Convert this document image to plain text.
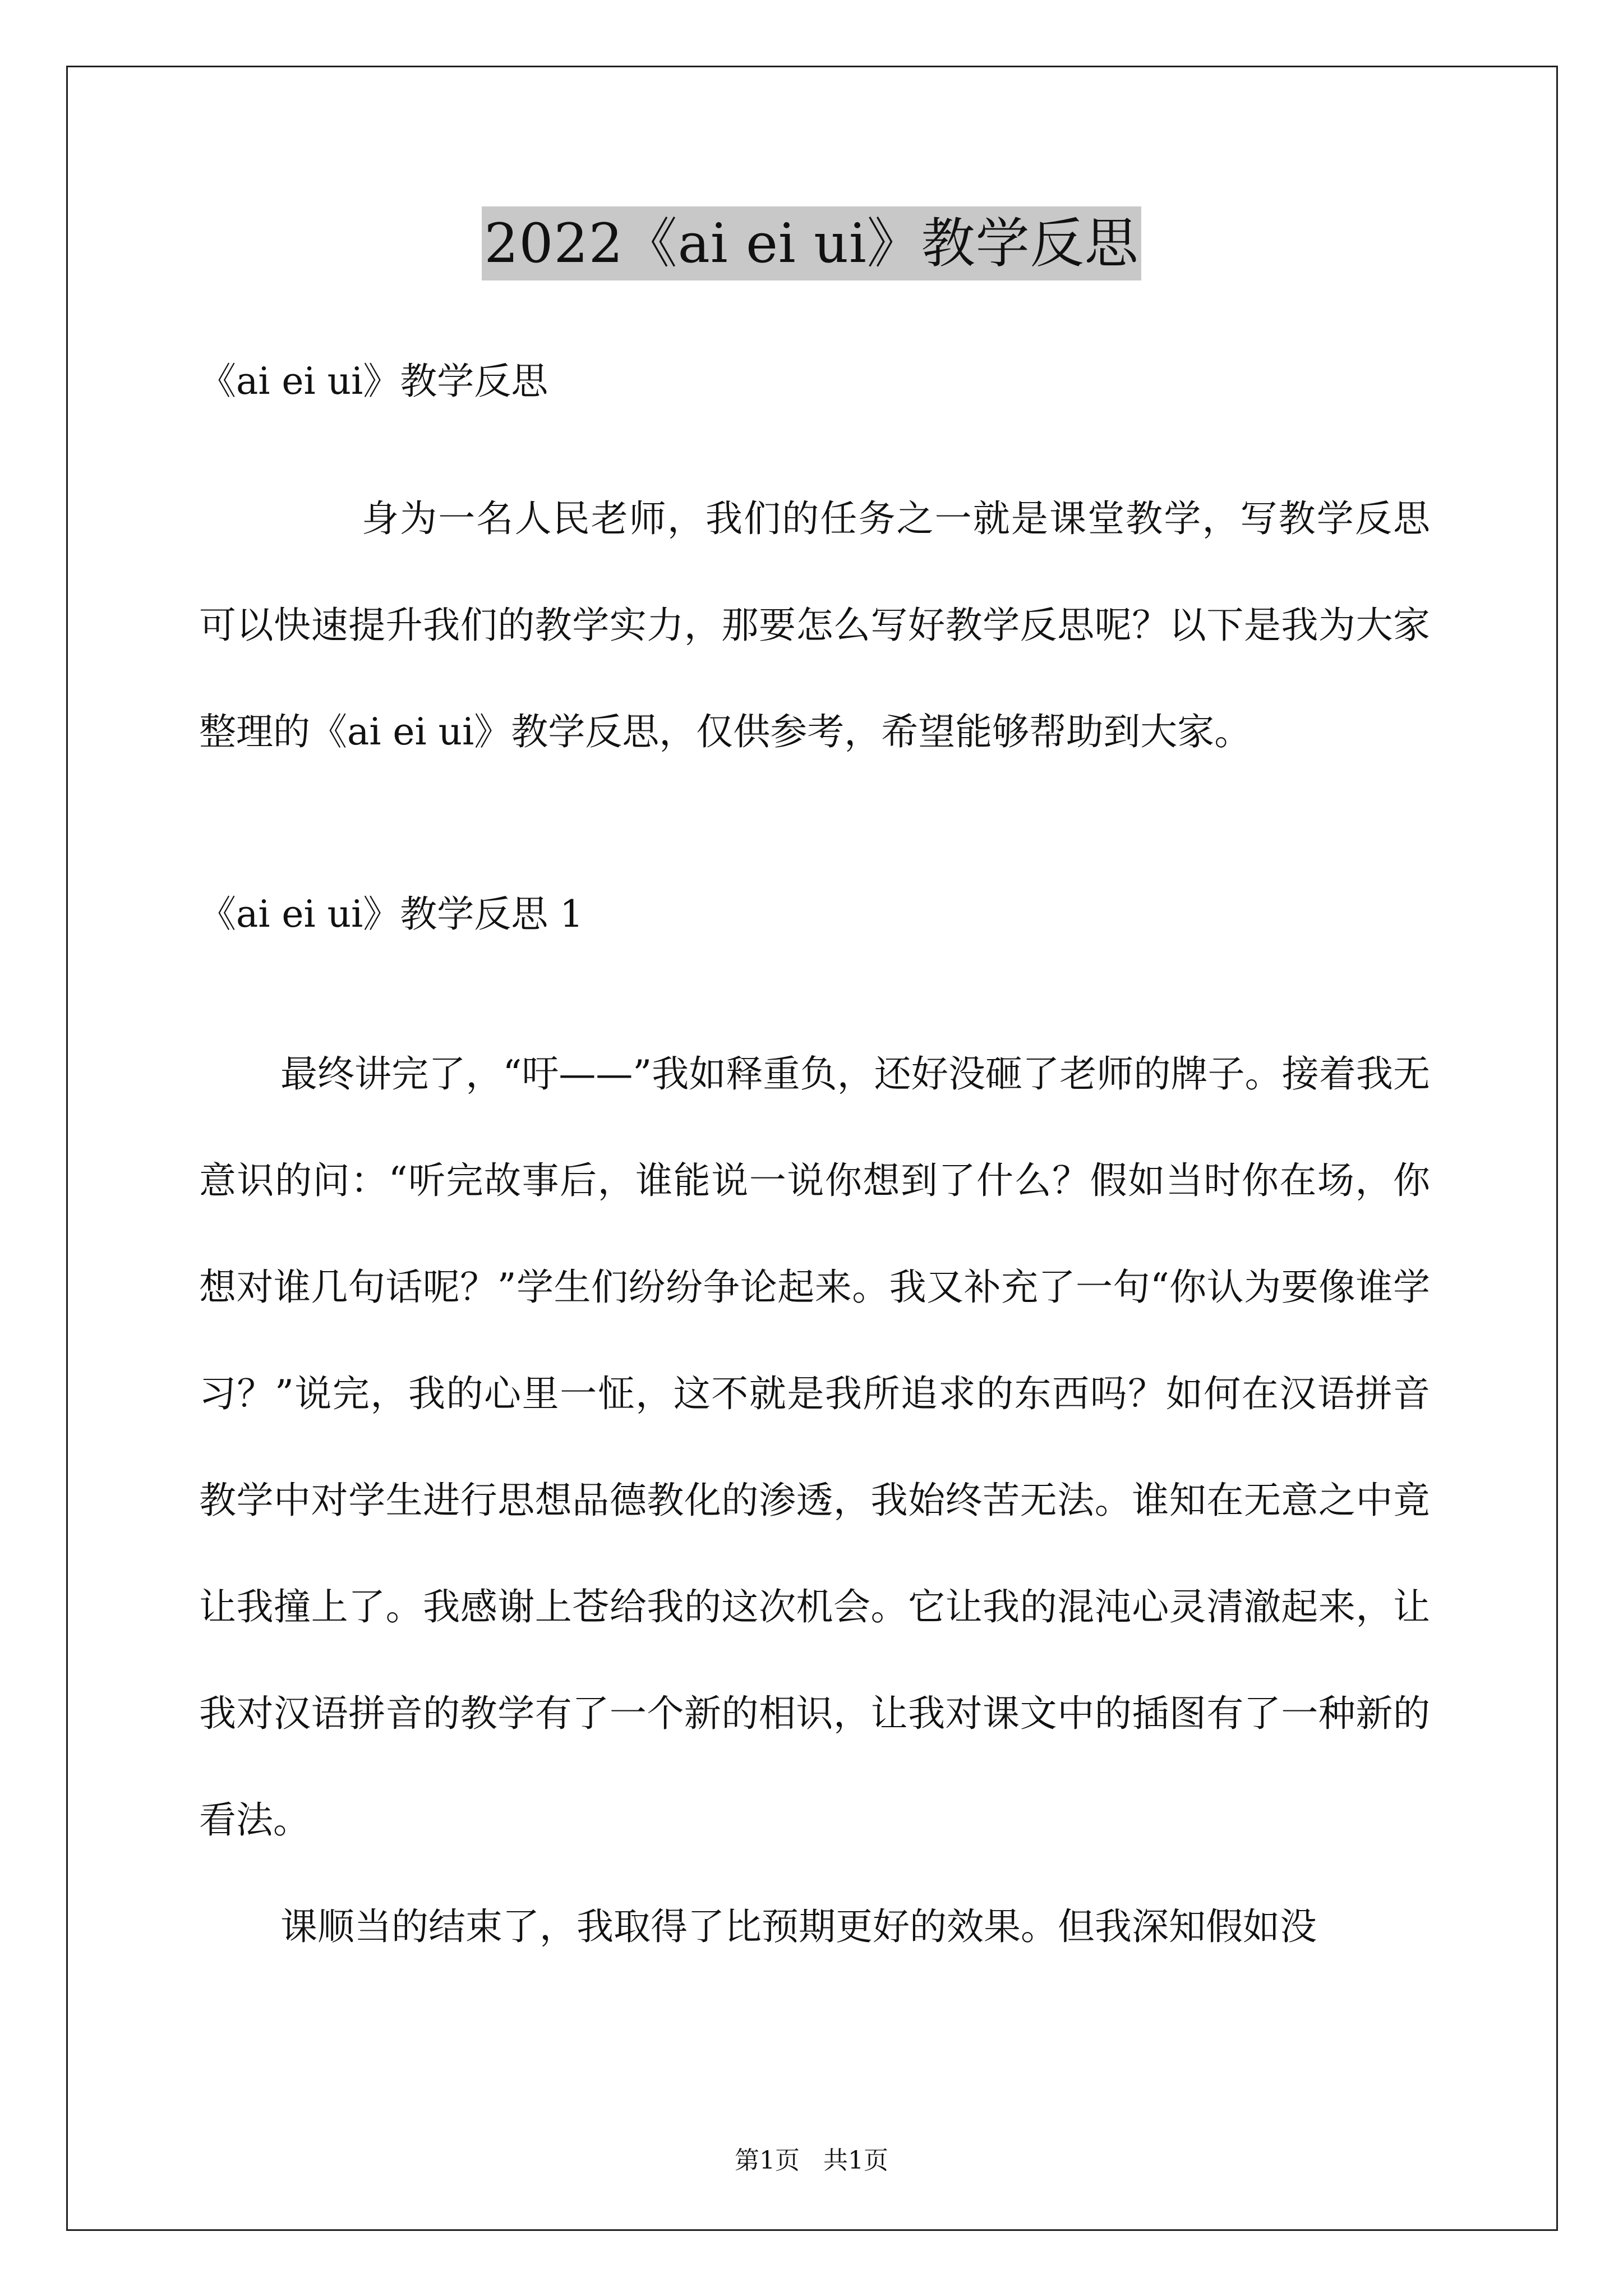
2022《ai ei ui》教学反思

《ai ei ui》教学反思

身为一名人民老师，我们的任务之一就是课堂教学，写教学反思可以快速提升我们的教学实力，那要怎么写好教学反思呢？以下是我为大家整理的《ai ei ui》教学反思，仅供参考，希望能够帮助到大家。

《ai ei ui》教学反思 1

最终讲完了，“吁——”我如释重负，还好没砸了老师的牌子。接着我无意识的问：“听完故事后，谁能说一说你想到了什么？假如当时你在场，你想对谁几句话呢？”学生们纷纷争论起来。我又补充了一句“你认为要像谁学习？”说完，我的心里一怔，这不就是我所追求的东西吗？如何在汉语拼音教学中对学生进行思想品德教化的渗透，我始终苦无法。谁知在无意之中竟让我撞上了。我感谢上苍给我的这次机会。它让我的混沌心灵清澈起来，让我对汉语拼音的教学有了一个新的相识，让我对课文中的插图有了一种新的看法。

课顺当的结束了，我取得了比预期更好的效果。但我深知假如没

第1页 共1页
